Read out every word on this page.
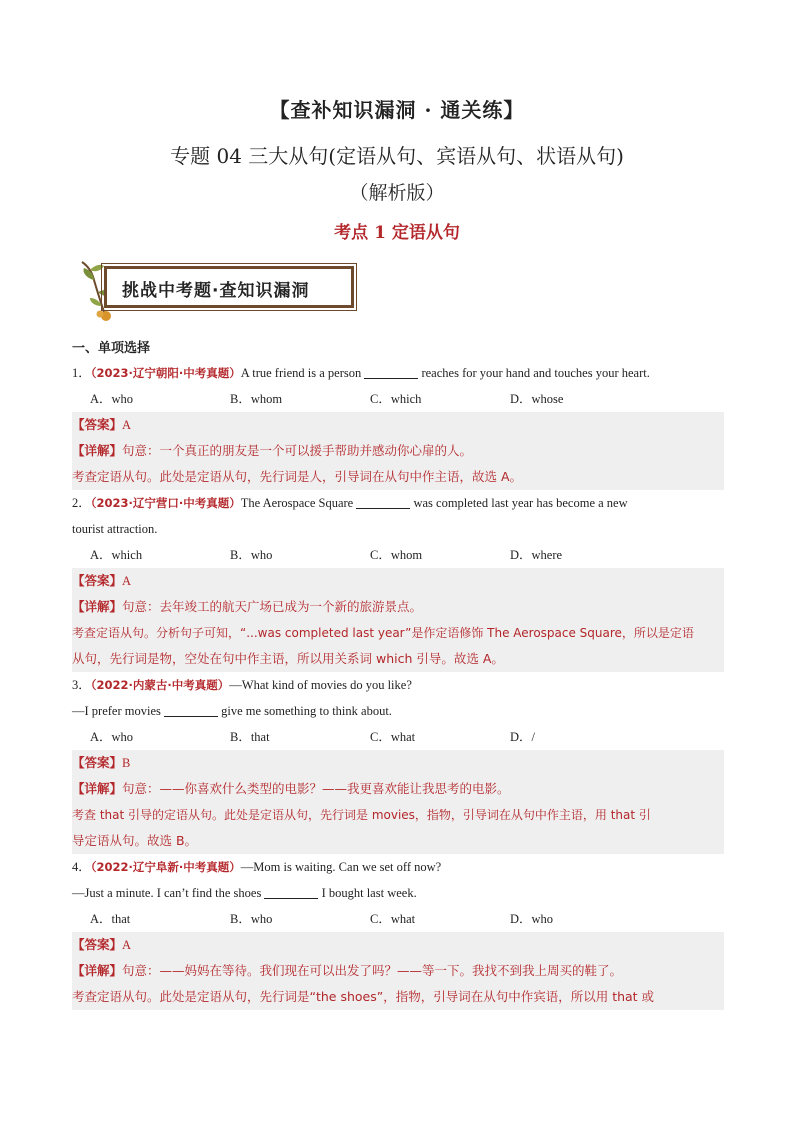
【查补知识漏洞 · 通关练】
专题 04 三大从句(定语从句、宾语从句、状语从句)
（解析版）
考点 1 定语从句
挑战中考题·查知识漏洞
一、单项选择
1．（2023·辽宁朝阳·中考真题）A true friend is a person	reaches for your hand and touches your heart.
A．who	B．whom	C．which	D．whose
【答案】A
【详解】句意：一个真正的朋友是一个可以援手帮助并感动你心扉的人。
考查定语从句。此处是定语从句，先行词是人，引导词在从句中作主语，故选 A。
2．（2023·辽宁营口·中考真题）The Aerospace Square	was completed last year has become a new
tourist attraction.
A．which	B．who	C．whom	D．where
【答案】A
【详解】句意：去年竣工的航天广场已成为一个新的旅游景点。
考查定语从句。分析句子可知，“...was completed last year”是作定语修饰 The Aerospace Square，所以是定语
从句，先行词是物，空处在句中作主语，所以用关系词 which 引导。故选 A。
3．（2022·内蒙古·中考真题）—What kind of movies do you like?
—I prefer movies	give me something to think about.
A．who	B．that	C．what	D．/
【答案】B
【详解】句意：——你喜欢什么类型的电影？——我更喜欢能让我思考的电影。
考查 that 引导的定语从句。此处是定语从句，先行词是 movies，指物，引导词在从句中作主语，用 that 引
导定语从句。故选 B。
4．（2022·辽宁阜新·中考真题）—Mom is waiting. Can we set off now?
—Just a minute. I can’t find the shoes	I bought last week.
A．that	B．who	C．what	D．who
【答案】A
【详解】句意：——妈妈在等待。我们现在可以出发了吗？——等一下。我找不到我上周买的鞋了。
考查定语从句。此处是定语从句，先行词是“the shoes”，指物，引导词在从句中作宾语，所以用 that 或
